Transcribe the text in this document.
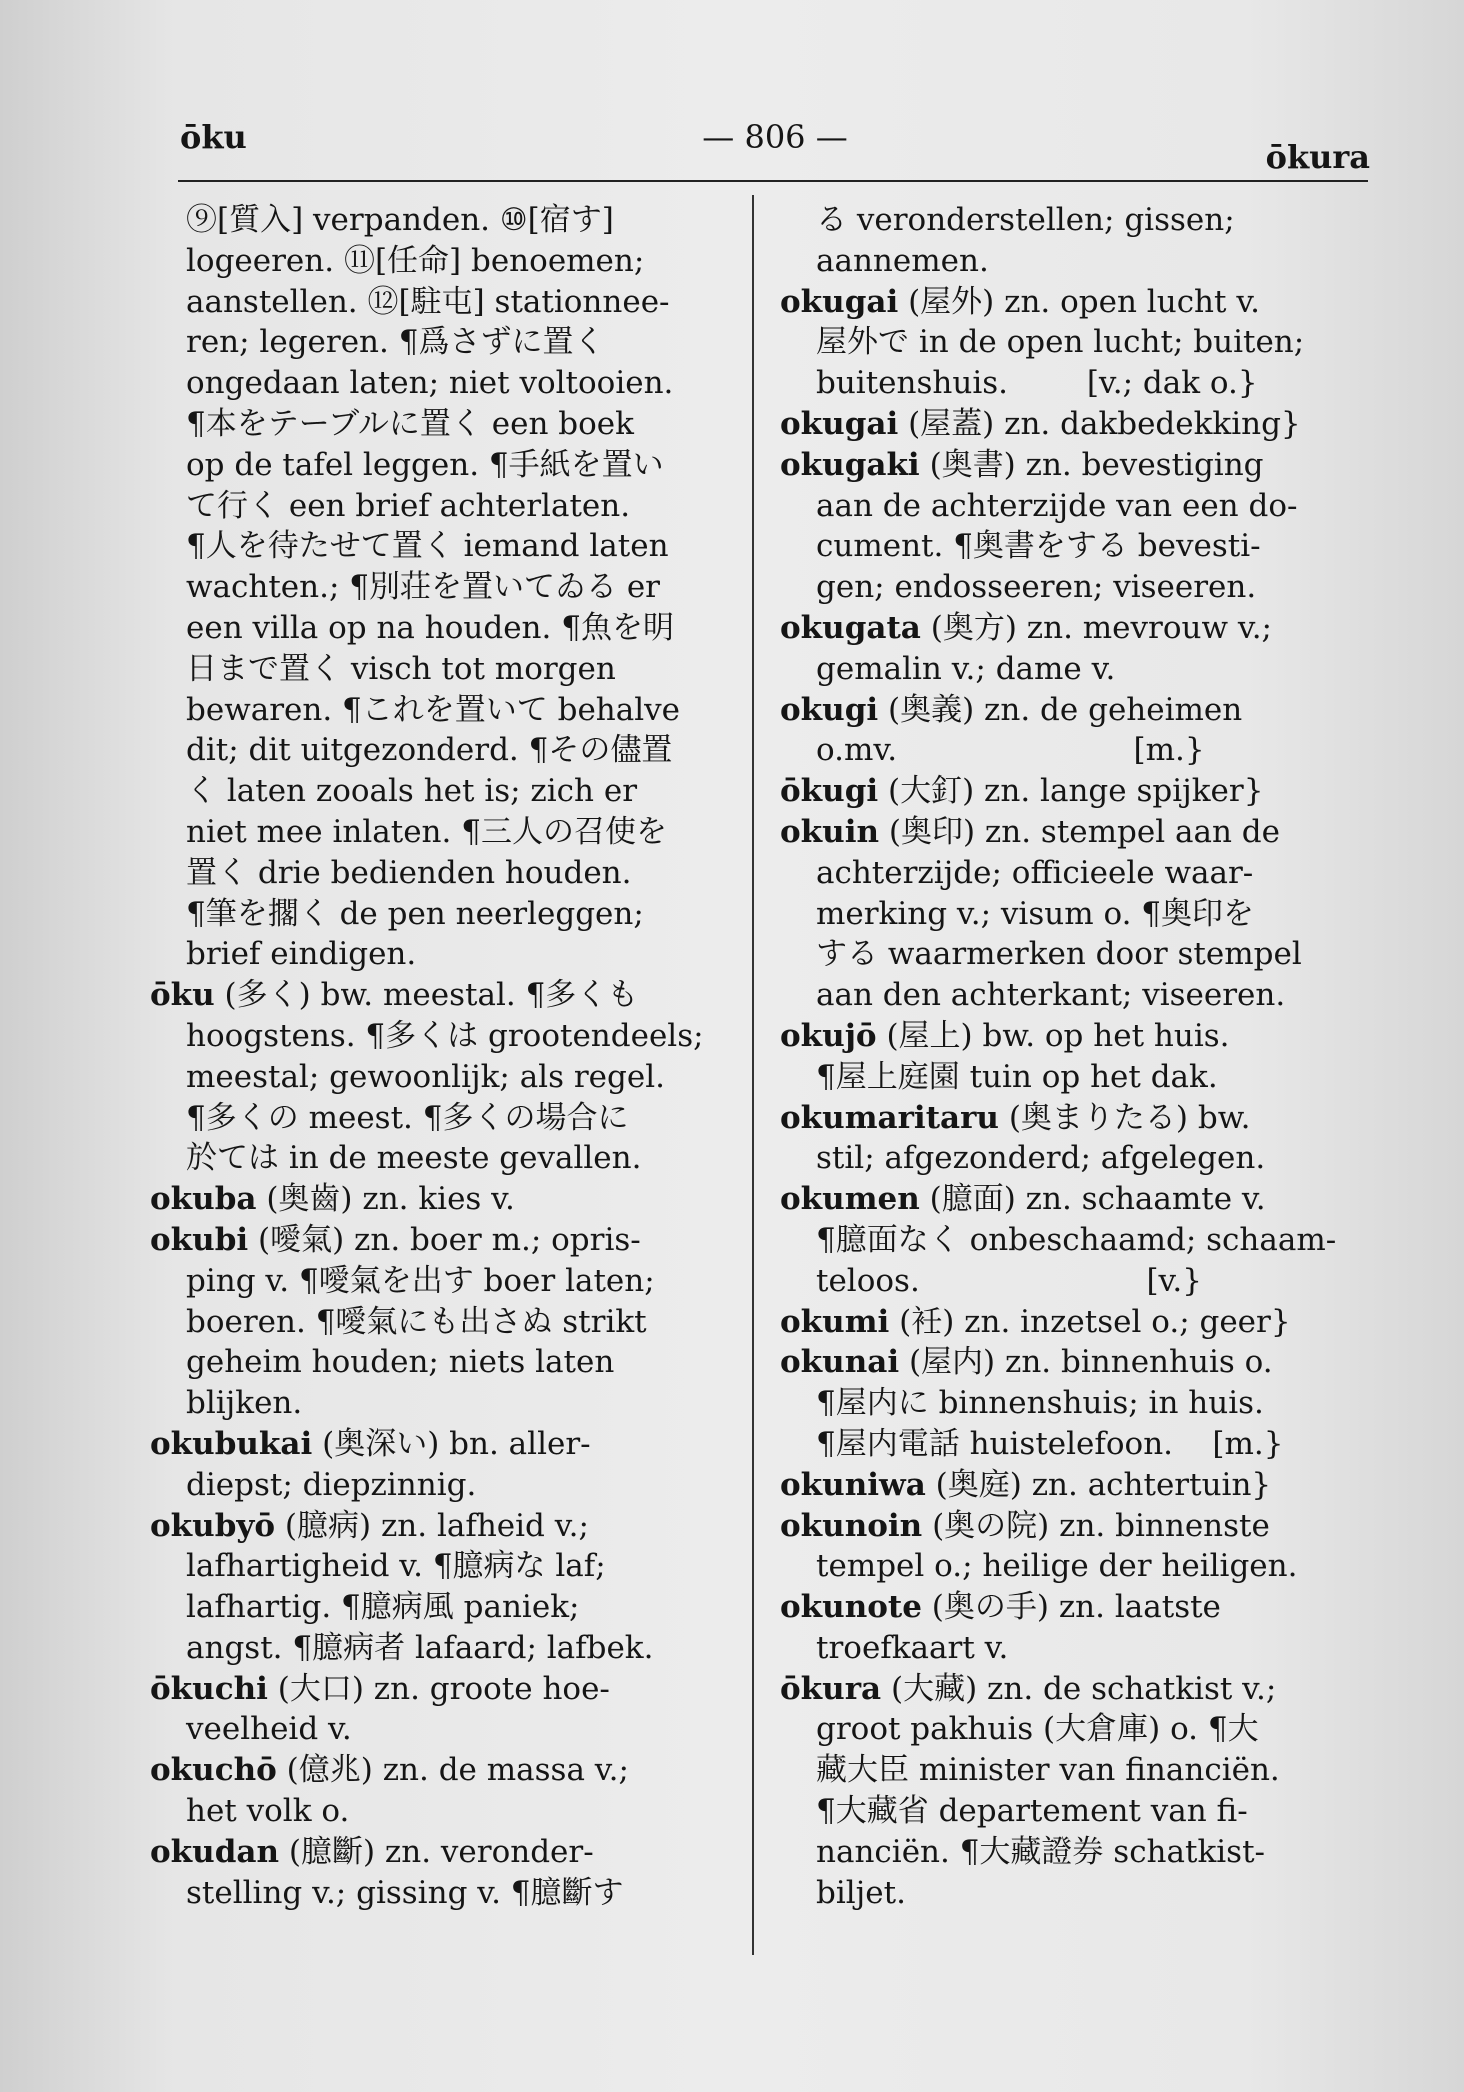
ōku	— 806 —
ōkura
⑨[質入] verpanden. ⑩[宿す]
logeeren. ⑪[任命] benoemen;
aanstellen. ⑫[駐屯] stationnee-
ren; legeren. ¶爲さずに置く
ongedaan laten; niet voltooien.
¶本をテーブルに置く een boek
op de tafel leggen. ¶手紙を置い
て行く een brief achterlaten.
¶人を待たせて置く iemand laten
wachten.; ¶別荘を置いてゐる er
een villa op na houden. ¶魚を明
日まで置く visch tot morgen
bewaren. ¶これを置いて behalve
dit; dit uitgezonderd. ¶その儘置
く laten zooals het is; zich er
niet mee inlaten. ¶三人の召使を
置く drie bedienden houden.
¶筆を擱く de pen neerleggen;
brief eindigen.
ōku (多く) bw. meestal. ¶多くも
hoogstens. ¶多くは grootendeels;
meestal; gewoonlijk; als regel.
¶多くの meest. ¶多くの場合に
於ては in de meeste gevallen.
okuba (奥齒) zn. kies v.
okubi (噯氣) zn. boer m.; opris-
ping v. ¶噯氣を出す boer laten;
boeren. ¶噯氣にも出さぬ strikt
geheim houden; niets laten
blijken.
okubukai (奥深い) bn. aller-
diepst; diepzinnig.
okubyō (臆病) zn. lafheid v.;
lafhartigheid v. ¶臆病な laf;
lafhartig. ¶臆病風 paniek;
angst. ¶臆病者 lafaard; lafbek.
ōkuchi (大口) zn. groote hoe-
veelheid v.
okuchō (億兆) zn. de massa v.;
het volk o.
okudan (臆斷) zn. veronder-
stelling v.; gissing v. ¶臆斷す
る veronderstellen; gissen;
aannemen.
okugai (屋外) zn. open lucht v.
屋外で in de open lucht; buiten;
buitenshuis.        [v.; dak o.}
okugai (屋蓋) zn. dakbedekking}
okugaki (奥書) zn. bevestiging
aan de achterzijde van een do-
cument. ¶奥書をする bevesti-
gen; endosseeren; viseeren.
okugata (奥方) zn. mevrouw v.;
gemalin v.; dame v.
okugi (奥義) zn. de geheimen
o.mv.                        [m.}
ōkugi (大釘) zn. lange spijker}
okuin (奥印) zn. stempel aan de
achterzijde; officieele waar-
merking v.; visum o. ¶奥印を
する waarmerken door stempel
aan den achterkant; viseeren.
okujō (屋上) bw. op het huis.
¶屋上庭園 tuin op het dak.
okumaritaru (奥まりたる) bw.
stil; afgezonderd; afgelegen.
okumen (臆面) zn. schaamte v.
¶臆面なく onbeschaamd; schaam-
teloos.                       [v.}
okumi (衽) zn. inzetsel o.; geer}
okunai (屋内) zn. binnenhuis o.
¶屋内に binnenshuis; in huis.
¶屋内電話 huistelefoon.    [m.}
okuniwa (奥庭) zn. achtertuin}
okunoin (奥の院) zn. binnenste
tempel o.; heilige der heiligen.
okunote (奥の手) zn. laatste
troefkaart v.
ōkura (大藏) zn. de schatkist v.;
groot pakhuis (大倉庫) o. ¶大
藏大臣 minister van financiën.
¶大藏省 departement van fi-
nanciën. ¶大藏證券 schatkist-
biljet.
